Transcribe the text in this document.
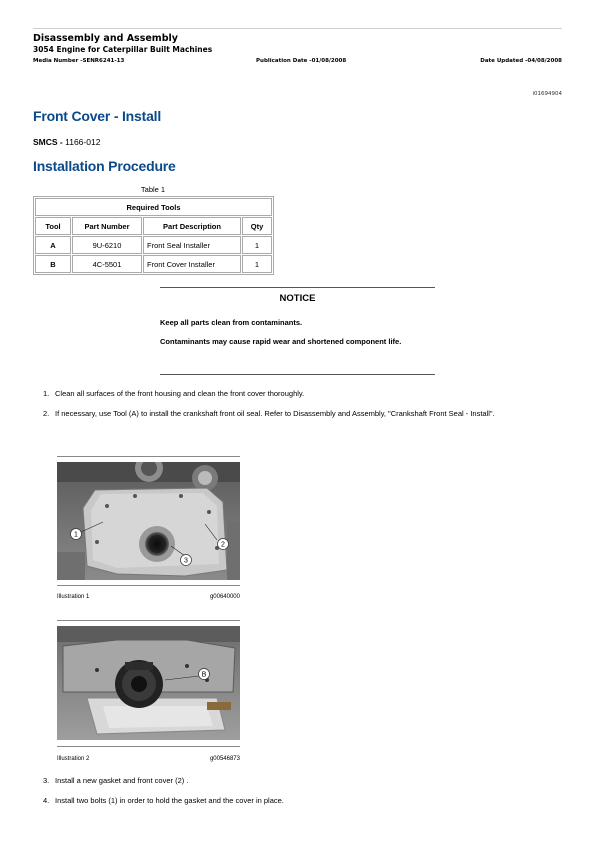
Disassembly and Assembly
3054 Engine for Caterpillar Built Machines
Media Number -SENR6241-13	Publication Date -01/08/2008	Date Updated -04/08/2008
i01694904
Front Cover - Install
SMCS - 1166-012
Installation Procedure
Table 1
Required Tools			
Tool	Part Number	Part Description	Qty
A	9U-6210	Front Seal Installer	1
B	4C-5501	Front Cover Installer	1
NOTICE
Keep all parts clean from contaminants.
Contaminants may cause rapid wear and shortened component life.
1. Clean all surfaces of the front housing and clean the front cover thoroughly.
2. If necessary, use Tool (A) to install the crankshaft front oil seal. Refer to Disassembly and Assembly, "Crankshaft Front Seal - Install".
1
2
3
Illustration 1	g00640000
B
Illustration 2	g00546873
3. Install a new gasket and front cover (2) .
4. Install two bolts (1) in order to hold the gasket and the cover in place.
